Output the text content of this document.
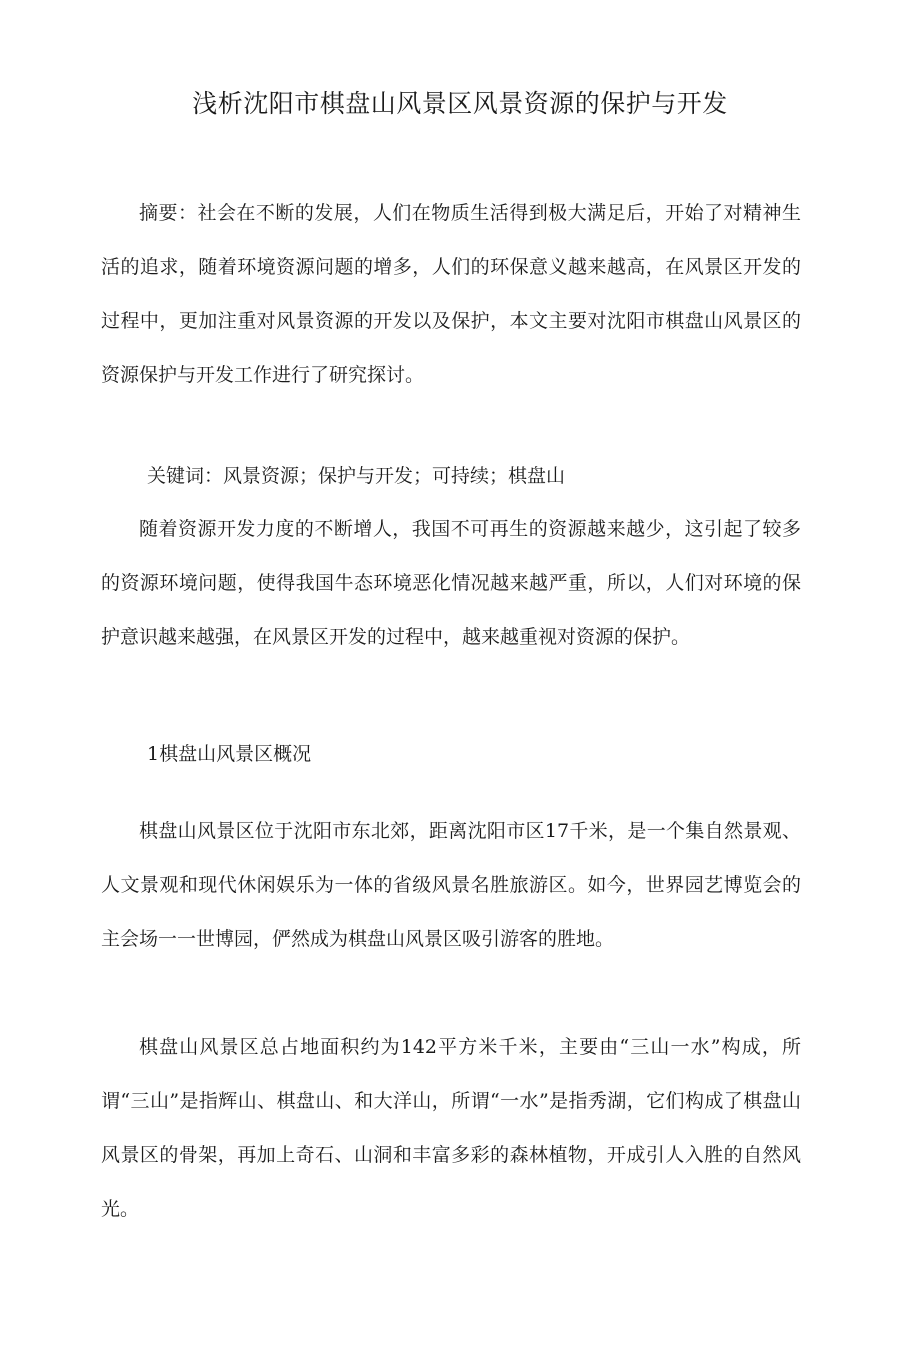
浅析沈阳市棋盘山风景区风景资源的保护与开发

摘要：社会在不断的发展，人们在物质生活得到极大满足后，开始了对精神生活的追求，随着环境资源问题的增多，人们的环保意义越来越高，在风景区开发的过程中，更加注重对风景资源的开发以及保护，本文主要对沈阳市棋盘山风景区的资源保护与开发工作进行了研究探讨。

关键词：风景资源；保护与开发；可持续；棋盘山

随着资源开发力度的不断增人，我国不可再生的资源越来越少，这引起了较多的资源环境问题，使得我国牛态环境恶化情况越来越严重，所以，人们对环境的保护意识越来越强，在风景区开发的过程中，越来越重视对资源的保护。

1棋盘山风景区概况

棋盘山风景区位于沈阳市东北郊，距离沈阳市区17千米，是一个集自然景观、人文景观和现代休闲娱乐为一体的省级风景名胜旅游区。如今，世界园艺博览会的主会场一一世博园，俨然成为棋盘山风景区吸引游客的胜地。

棋盘山风景区总占地面积约为142平方米千米，主要由“三山一水”构成，所谓“三山”是指辉山、棋盘山、和大洋山，所谓“一水”是指秀湖，它们构成了棋盘山风景区的骨架，再加上奇石、山洞和丰富多彩的森林植物，开成引人入胜的自然风光。
